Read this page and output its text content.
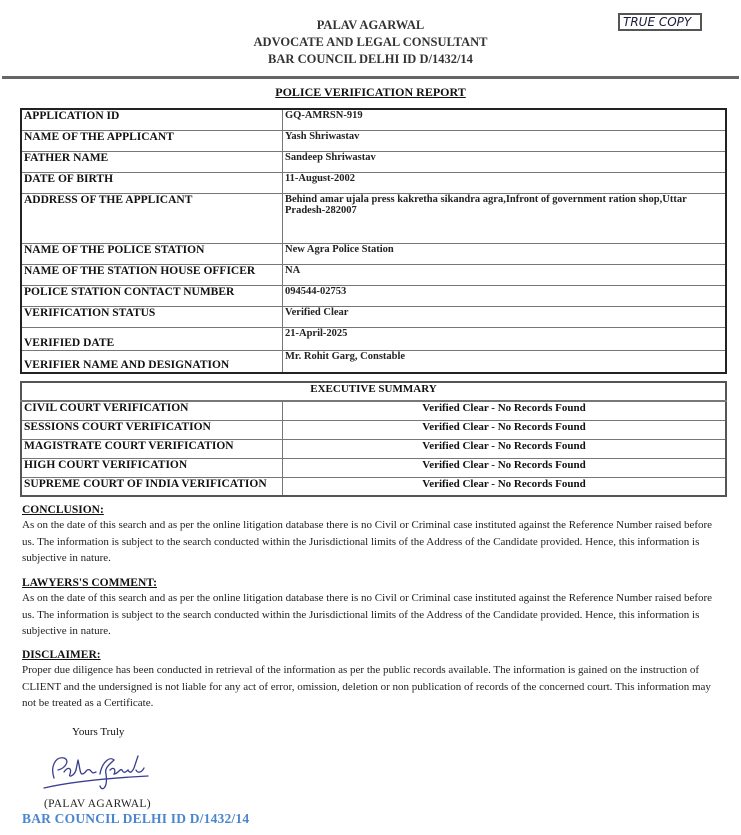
PALAV AGARWAL
ADVOCATE AND LEGAL CONSULTANT
BAR COUNCIL DELHI ID D/1432/14
TRUE COPY
POLICE VERIFICATION REPORT
APPLICATION ID	GQ-AMRSN-919
NAME OF THE APPLICANT	Yash Shriwastav
FATHER NAME	Sandeep Shriwastav
DATE OF BIRTH	11-August-2002
ADDRESS OF THE APPLICANT	Behind amar ujala press kakretha sikandra agra,Infront of government ration shop,Uttar Pradesh-282007
NAME OF THE POLICE STATION	New Agra Police Station
NAME OF THE STATION HOUSE OFFICER	NA
POLICE STATION CONTACT NUMBER	094544-02753
VERIFICATION STATUS	Verified Clear
VERIFIED DATE	21-April-2025
VERIFIER NAME AND DESIGNATION	Mr. Rohit Garg, Constable
EXECUTIVE SUMMARY	
CIVIL COURT VERIFICATION	Verified Clear - No Records Found
SESSIONS COURT VERIFICATION	Verified Clear - No Records Found
MAGISTRATE COURT VERIFICATION	Verified Clear - No Records Found
HIGH COURT VERIFICATION	Verified Clear - No Records Found
SUPREME COURT OF INDIA VERIFICATION	Verified Clear - No Records Found

CONCLUSION:

As on the date of this search and as per the online litigation database there is no Civil or Criminal case instituted against the Reference Number raised before us. The information is subject to the search conducted within the Jurisdictional limits of the Address of the Candidate provided. Hence, this information is subjective in nature.

LAWYERS'S COMMENT:

As on the date of this search and as per the online litigation database there is no Civil or Criminal case instituted against the Reference Number raised before us. The information is subject to the search conducted within the Jurisdictional limits of the Address of the Candidate provided. Hence, this information is subjective in nature.

DISCLAIMER:

Proper due diligence has been conducted in retrieval of the information as per the public records available. The information is gained on the instruction of CLIENT and the undersigned is not liable for any act of error, omission, deletion or non publication of records of the concerned court. This information may not be treated as a Certificate.

Yours Truly
(PALAV AGARWAL)
BAR COUNCIL DELHI ID D/1432/14
